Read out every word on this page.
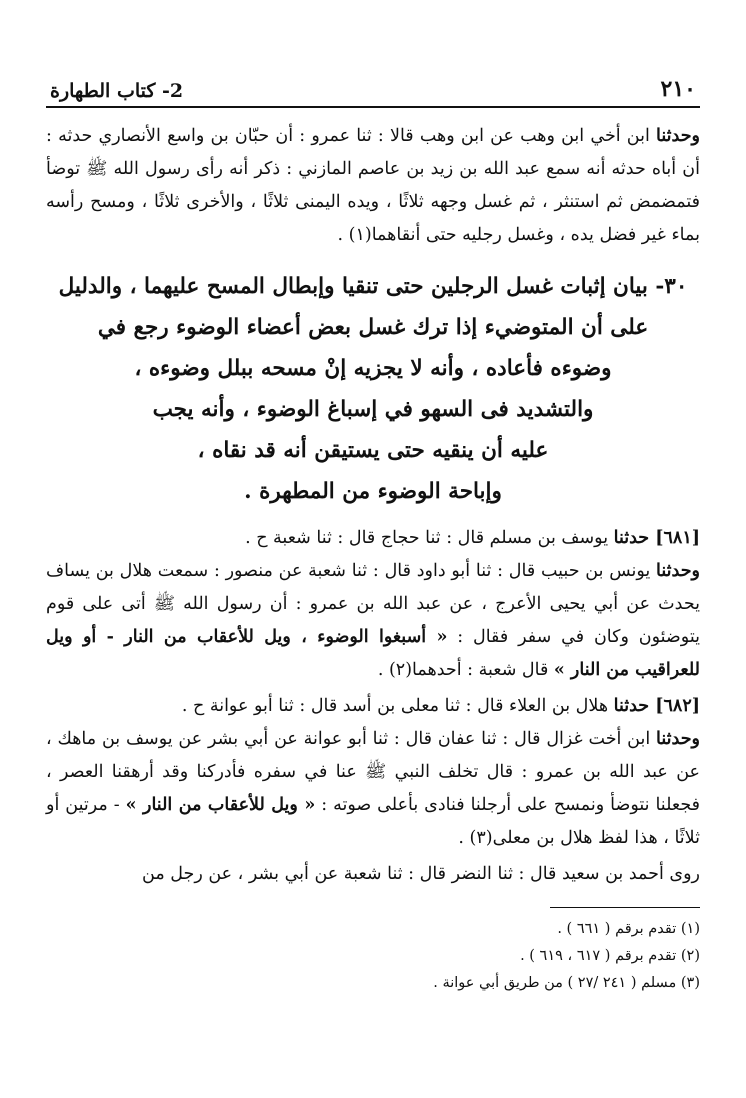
٢١٠
2- كتاب الطهارة

وحدثنا ابن أخي ابن وهب عن ابن وهب قالا : ثنا عمرو : أن حبّان بن واسع الأنصاري حدثه : أن أباه حدثه أنه سمع عبد الله بن زيد بن عاصم المازني : ذكر أنه رأى رسول الله ﷺ توضأ فتمضمض ثم استنثر ، ثم غسل وجهه ثلاثًا ، ويده اليمنى ثلاثًا ، والأخرى ثلاثًا ، ومسح رأسه بماء غير فضل يده ، وغسل رجليه حتى أنقاهما(١) .

٣٠- بيان إثبات غسل الرجلين حتى تنقيا وإبطال المسح عليهما ، والدليل
على أن المتوضيء إذا ترك غسل بعض أعضاء الوضوء رجع في
وضوءه فأعاده ، وأنه لا يجزيه إنْ مسحه ببلل وضوءه ،
والتشديد فى السهو في إسباغ الوضوء ، وأنه يجب
عليه أن ينقيه حتى يستيقن أنه قد نقاه ،
وإباحة الوضوء من المطهرة .

[٦٨١] حدثنا يوسف بن مسلم قال : ثنا حجاج قال : ثنا شعبة ح .

وحدثنا يونس بن حبيب قال : ثنا أبو داود قال : ثنا شعبة عن منصور : سمعت هلال بن يساف يحدث عن أبي يحيى الأعرج ، عن عبد الله بن عمرو : أن رسول الله ﷺ أتى على قوم يتوضئون وكان في سفر فقال : « أسبغوا الوضوء ، ويل للأعقاب من النار - أو ويل للعراقيب من النار » قال شعبة : أحدهما(٢) .

[٦٨٢] حدثنا هلال بن العلاء قال : ثنا معلى بن أسد قال : ثنا أبو عوانة ح .

وحدثنا ابن أخت غزال قال : ثنا عفان قال : ثنا أبو عوانة عن أبي بشر عن يوسف بن ماهك ، عن عبد الله بن عمرو : قال تخلف النبي ﷺ عنا في سفره فأدركنا وقد أرهقنا العصر ، فجعلنا نتوضأ ونمسح على أرجلنا فنادى بأعلى صوته : « ويل للأعقاب من النار » - مرتين أو ثلاثًا ، هذا لفظ هلال بن معلى(٣) .

روى أحمد بن سعيد قال : ثنا النضر قال : ثنا شعبة عن أبي بشر ، عن رجل من

(١) تقدم برقم ( ٦٦١ ) .

(٢) تقدم برقم ( ٦١٧ ، ٦١٩ ) .

(٣) مسلم ( ٢٤١ /٢٧ ) من طريق أبي عوانة .
